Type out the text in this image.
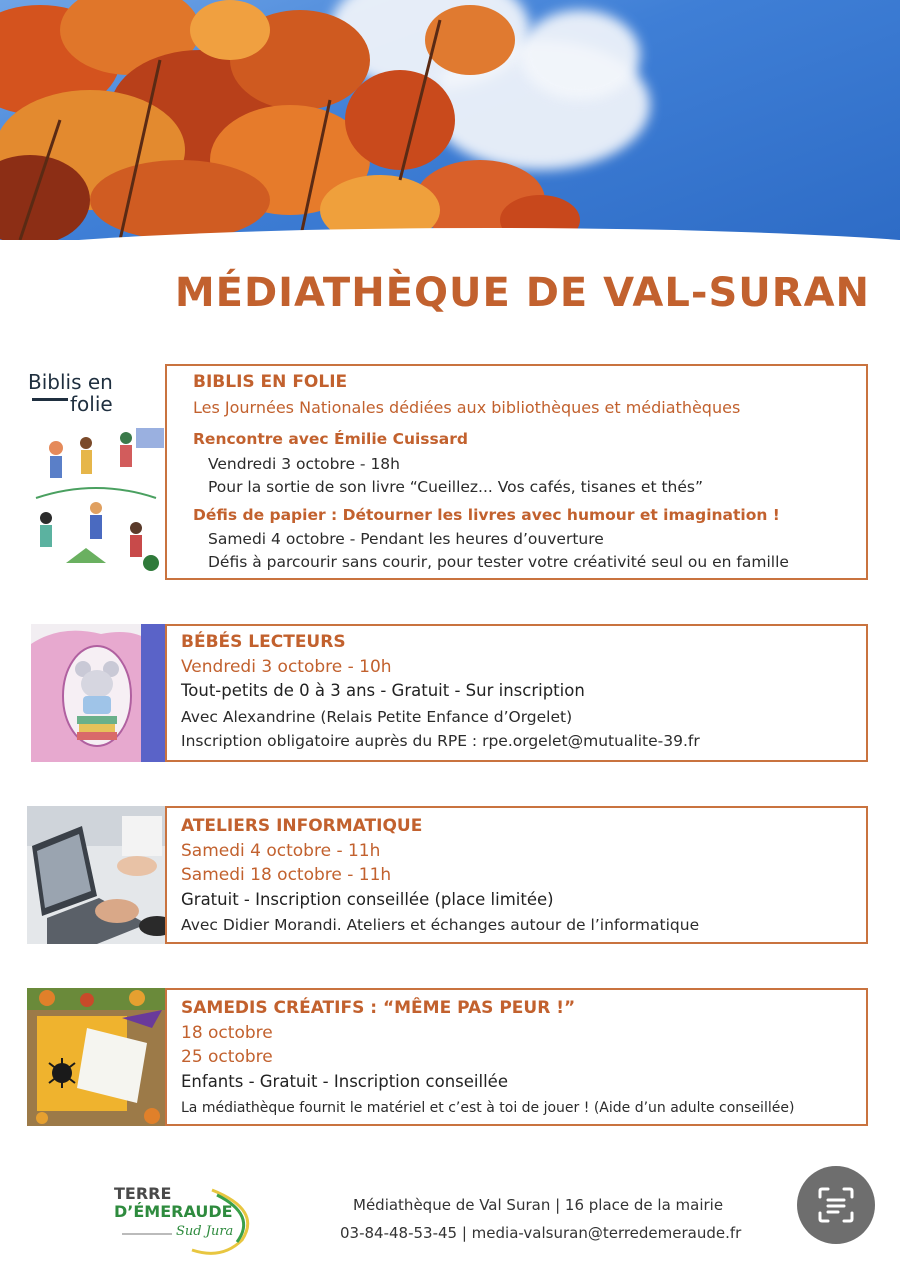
MÉDIATHÈQUE DE VAL-SURAN
Biblis en
folie
BIBLIS EN FOLIE
Les Journées Nationales dédiées aux bibliothèques et médiathèques
Rencontre avec Émilie Cuissard
Vendredi 3 octobre - 18h
Pour la sortie de son livre “Cueillez... Vos cafés, tisanes et thés”
Défis de papier : Détourner les livres avec humour et imagination !
Samedi 4 octobre - Pendant les heures d’ouverture
Défis à parcourir sans courir, pour tester votre créativité seul ou en famille
BÉBÉS LECTEURS
Vendredi 3 octobre - 10h
Tout-petits de 0 à 3 ans - Gratuit - Sur inscription
Avec Alexandrine (Relais Petite Enfance d’Orgelet)
Inscription obligatoire auprès du RPE : rpe.orgelet@mutualite-39.fr
ATELIERS INFORMATIQUE
Samedi 4 octobre - 11h
Samedi 18 octobre - 11h
Gratuit - Inscription conseillée (place limitée)
Avec Didier Morandi. Ateliers et échanges autour de l’informatique
SAMEDIS CRÉATIFS : “MÊME PAS PEUR !”
18 octobre
25 octobre
Enfants - Gratuit - Inscription conseillée
La médiathèque fournit le matériel et c’est à toi de jouer ! (Aide d’un adulte conseillée)
TERRE
D’ÉMERAUDE
Sud Jura
Médiathèque de Val Suran | 16 place de la mairie
03-84-48-53-45 | media-valsuran@terredemeraude.fr
